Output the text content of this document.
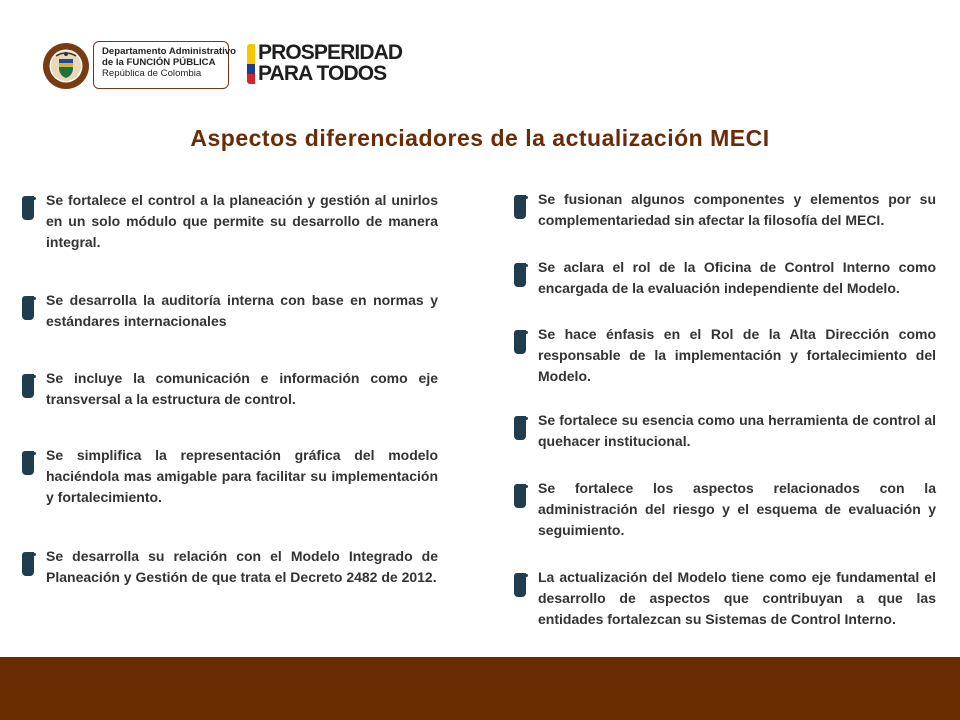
Departamento Administrativo
de la FUNCIÓN PÚBLICA
República de Colombia
PROSPERIDAD
PARA TODOS
Aspectos diferenciadores de la actualización MECI
Se fortalece el control a la planeación y gestión al unirlos en un solo módulo que permite su desarrollo de manera integral.
Se desarrolla la auditoría interna con base en normas y estándares internacionales
Se incluye la comunicación e información como eje transversal a la estructura de control.
Se simplifica la representación gráfica del modelo haciéndola mas amigable para facilitar su implementación y fortalecimiento.
Se desarrolla su relación con el Modelo Integrado de Planeación y Gestión de que trata el Decreto 2482 de 2012.
Se fusionan algunos componentes y elementos por su complementariedad sin afectar la filosofía del MECI.
Se aclara el rol de la Oficina de Control Interno como encargada de la evaluación independiente del Modelo.
Se hace énfasis en el Rol de la Alta Dirección como responsable de la implementación y fortalecimiento del Modelo.
Se fortalece su esencia como una herramienta de control al quehacer institucional.
Se fortalece los aspectos relacionados con la administración del riesgo y el esquema de evaluación y seguimiento.
La actualización del Modelo tiene como eje fundamental el desarrollo de aspectos que contribuyan a que las entidades fortalezcan su Sistemas de Control Interno.
